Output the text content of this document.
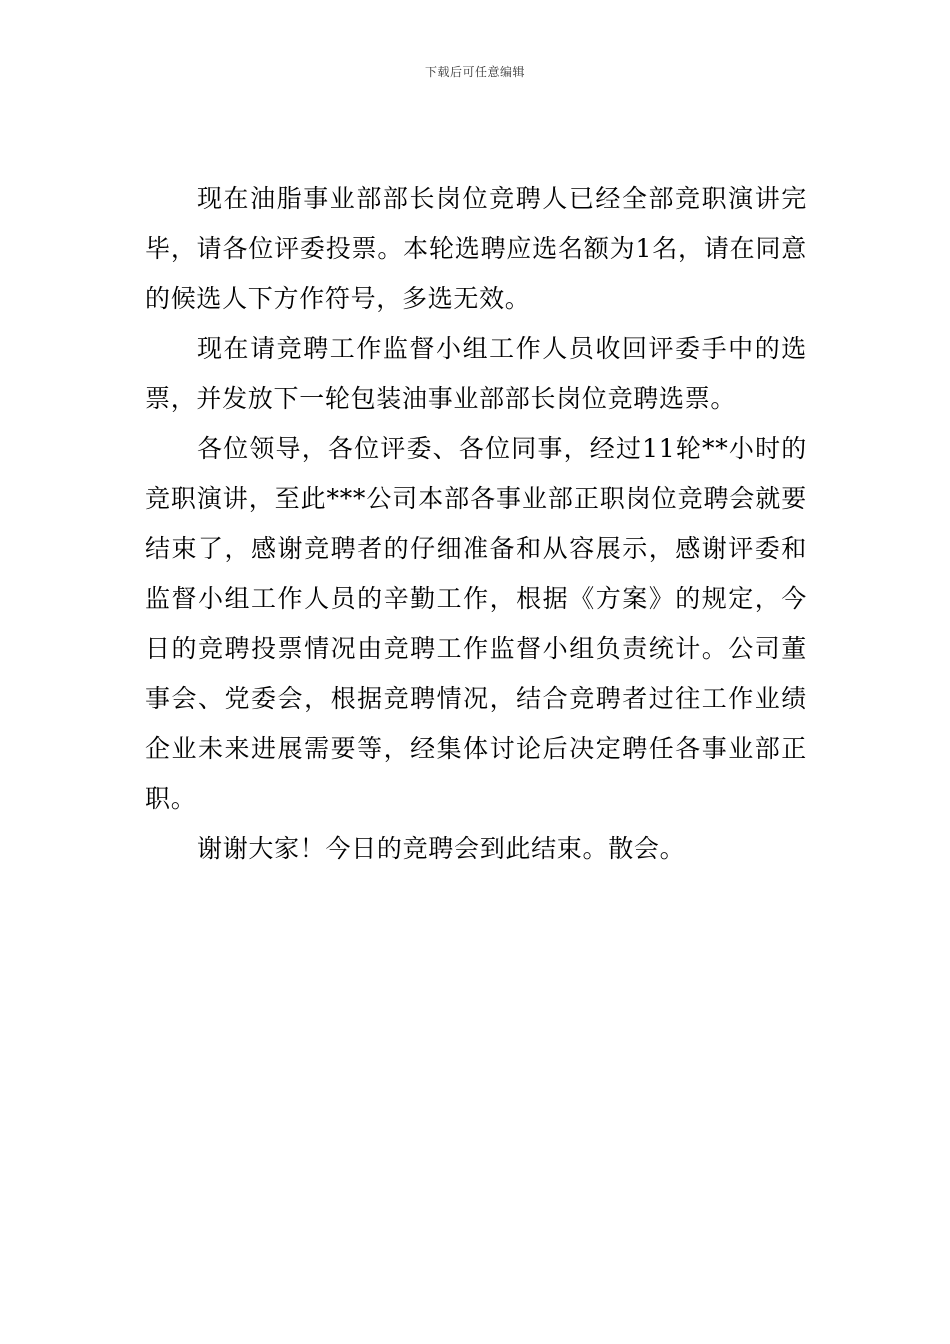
下载后可任意编辑

现在油脂事业部部长岗位竞聘人已经全部竞职演讲完毕，请各位评委投票。本轮选聘应选名额为1名，请在同意的候选人下方作符号，多选无效。

现在请竞聘工作监督小组工作人员收回评委手中的选票，并发放下一轮包装油事业部部长岗位竞聘选票。

各位领导，各位评委、各位同事，经过11轮**小时的竞职演讲，至此***公司本部各事业部正职岗位竞聘会就要结束了，感谢竞聘者的仔细准备和从容展示，感谢评委和监督小组工作人员的辛勤工作，根据《方案》的规定，今日的竞聘投票情况由竞聘工作监督小组负责统计。公司董事会、党委会，根据竞聘情况，结合竞聘者过往工作业绩企业未来进展需要等，经集体讨论后决定聘任各事业部正职。

谢谢大家！今日的竞聘会到此结束。散会。
